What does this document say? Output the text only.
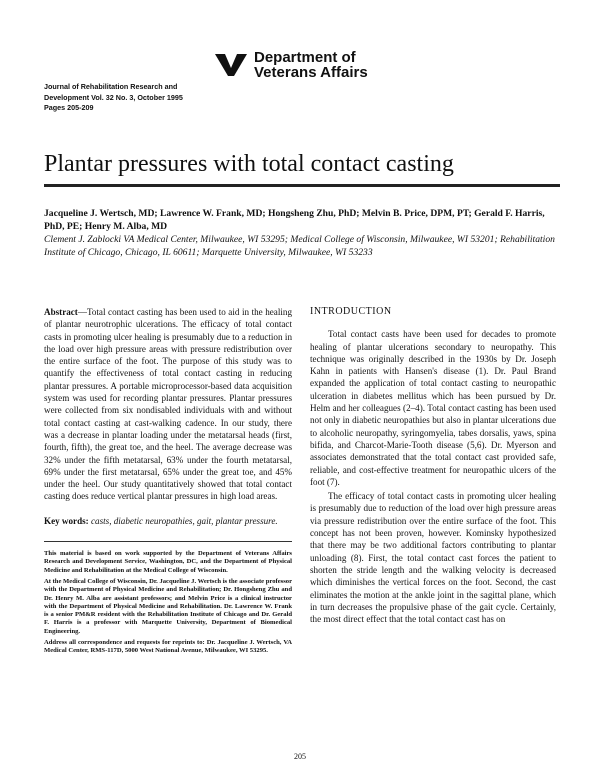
Department of
Veterans Affairs
Journal of Rehabilitation Research and
Development Vol. 32 No. 3, October 1995
Pages 205-209
Plantar pressures with total contact casting
Jacqueline J. Wertsch, MD; Lawrence W. Frank, MD; Hongsheng Zhu, PhD; Melvin B. Price, DPM, PT; Gerald F. Harris, PhD, PE; Henry M. Alba, MD
Clement J. Zablocki VA Medical Center, Milwaukee, WI 53295; Medical College of Wisconsin, Milwaukee, WI 53201; Rehabilitation Institute of Chicago, Chicago, IL 60611; Marquette University, Milwaukee, WI 53233
Abstract—Total contact casting has been used to aid in the healing of plantar neurotrophic ulcerations. The efficacy of total contact casts in promoting ulcer healing is presumably due to a reduction in the load over high pressure areas with pressure redistribution over the entire surface of the foot. The purpose of this study was to quantify the effectiveness of total contact casting in reducing plantar pressures. A portable microprocessor-based data acquisition system was used for recording plantar pressures. Plantar pressures were collected from six nondisabled individuals with and without total contact casting at cast-walking cadence. In our study, there was a decrease in plantar loading under the metatarsal heads (first, fourth, fifth), the great toe, and the heel. The average decrease was 32% under the fifth metatarsal, 63% under the fourth metatarsal, 69% under the first metatarsal, 65% under the great toe, and 45% under the heel. Our study quantitatively showed that total contact casting does reduce vertical plantar pressures in high load areas.
Key words: casts, diabetic neuropathies, gait, plantar pressure.

This material is based on work supported by the Department of Veterans Affairs Research and Development Service, Washington, DC, and the Department of Physical Medicine and Rehabilitation at the Medical College of Wisconsin.

At the Medical College of Wisconsin, Dr. Jacqueline J. Wertsch is the associate professor with the Department of Physical Medicine and Rehabilitation; Dr. Hongsheng Zhu and Dr. Henry M. Alba are assistant professors; and Melvin Price is a clinical instructor with the Department of Physical Medicine and Rehabilitation. Dr. Lawrence W. Frank is a senior PM&R resident with the Rehabilitation Institute of Chicago and Dr. Gerald F. Harris is a professor with Marquette University, Department of Biomedical Engineering.

Address all correspondence and requests for reprints to: Dr. Jacqueline J. Wertsch, VA Medical Center, RMS-117D, 5000 West National Avenue, Milwaukee, WI 53295.

INTRODUCTION

Total contact casts have been used for decades to promote healing of plantar ulcerations secondary to neuropathy. This technique was originally described in the 1930s by Dr. Joseph Kahn in patients with Hansen's disease (1). Dr. Paul Brand expanded the application of total contact casting to neuropathic ulceration in diabetes mellitus which has been pursued by Dr. Helm and her colleagues (2–4). Total contact casting has been used not only in diabetic neuropathies but also in plantar ulcerations due to alcoholic neuropathy, syringomyelia, tabes dorsalis, yaws, spina bifida, and Charcot-Marie-Tooth disease (5,6). Dr. Myerson and associates demonstrated that the total contact cast provided safe, reliable, and cost-effective treatment for neuropathic ulcers of the foot (7).

The efficacy of total contact casts in promoting ulcer healing is presumably due to reduction of the load over high pressure areas via pressure redistribution over the entire surface of the foot. This concept has not been proven, however. Kominsky hypothesized that there may be two additional factors contributing to plantar unloading (8). First, the total contact cast forces the patient to shorten the stride length and the walking velocity is decreased which diminishes the vertical forces on the foot. Second, the cast eliminates the motion at the ankle joint in the sagittal plane, which in turn decreases the propulsive phase of the gait cycle. Certainly, the most direct effect that the total contact cast has on

205
